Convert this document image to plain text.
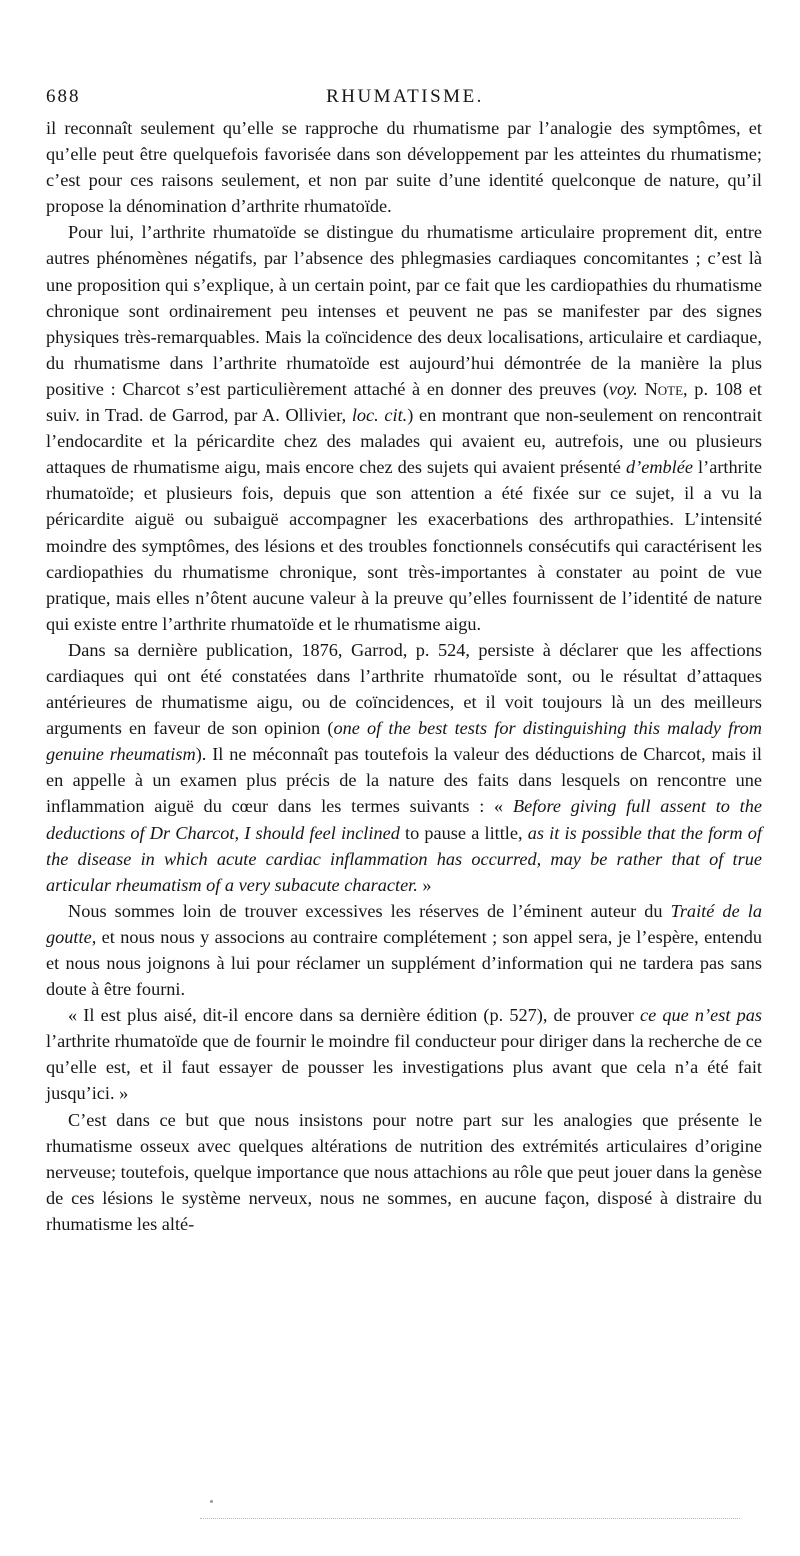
688	RHUMATISME.

il reconnaît seulement qu’elle se rapproche du rhumatisme par l’analogie des symptômes, et qu’elle peut être quelquefois favorisée dans son développement par les atteintes du rhumatisme; c’est pour ces raisons seulement, et non par suite d’une identité quelconque de nature, qu’il propose la dénomination d’arthrite rhumatoïde.

Pour lui, l’arthrite rhumatoïde se distingue du rhumatisme articulaire proprement dit, entre autres phénomènes négatifs, par l’absence des phlegmasies cardiaques concomitantes ; c’est là une proposition qui s’explique, à un certain point, par ce fait que les cardiopathies du rhumatisme chronique sont ordinairement peu intenses et peuvent ne pas se manifester par des signes physiques très-remarquables. Mais la coïncidence des deux localisations, articulaire et cardiaque, du rhumatisme dans l’arthrite rhumatoïde est aujourd’hui démontrée de la manière la plus positive : Charcot s’est particulièrement attaché à en donner des preuves (voy. Note, p. 108 et suiv. in Trad. de Garrod, par A. Ollivier, loc. cit.) en montrant que non-seulement on rencontrait l’endocardite et la péricardite chez des malades qui avaient eu, autrefois, une ou plusieurs attaques de rhumatisme aigu, mais encore chez des sujets qui avaient présenté d’emblée l’arthrite rhumatoïde; et plusieurs fois, depuis que son attention a été fixée sur ce sujet, il a vu la péricardite aiguë ou subaiguë accompagner les exacerbations des arthropathies. L’intensité moindre des symptômes, des lésions et des troubles fonctionnels consécutifs qui caractérisent les cardiopathies du rhumatisme chronique, sont très-importantes à constater au point de vue pratique, mais elles n’ôtent aucune valeur à la preuve qu’elles fournissent de l’identité de nature qui existe entre l’arthrite rhumatoïde et le rhumatisme aigu.

Dans sa dernière publication, 1876, Garrod, p. 524, persiste à déclarer que les affections cardiaques qui ont été constatées dans l’arthrite rhumatoïde sont, ou le résultat d’attaques antérieures de rhumatisme aigu, ou de coïncidences, et il voit toujours là un des meilleurs arguments en faveur de son opinion (one of the best tests for distinguishing this malady from genuine rheumatism). Il ne méconnaît pas toutefois la valeur des déductions de Charcot, mais il en appelle à un examen plus précis de la nature des faits dans lesquels on rencontre une inflammation aiguë du cœur dans les termes suivants : « Before giving full assent to the deductions of Dr Charcot, I should feel inclined to pause a little, as it is possible that the form of the disease in which acute cardiac inflammation has occurred, may be rather that of true articular rheumatism of a very subacute character. »

Nous sommes loin de trouver excessives les réserves de l’éminent auteur du Traité de la goutte, et nous nous y associons au contraire complétement ; son appel sera, je l’espère, entendu et nous nous joignons à lui pour réclamer un supplément d’information qui ne tardera pas sans doute à être fourni.

« Il est plus aisé, dit-il encore dans sa dernière édition (p. 527), de prouver ce que n’est pas l’arthrite rhumatoïde que de fournir le moindre fil conducteur pour diriger dans la recherche de ce qu’elle est, et il faut essayer de pousser les investigations plus avant que cela n’a été fait jusqu’ici. »

C’est dans ce but que nous insistons pour notre part sur les analogies que présente le rhumatisme osseux avec quelques altérations de nutrition des extrémités articulaires d’origine nerveuse; toutefois, quelque importance que nous attachions au rôle que peut jouer dans la genèse de ces lésions le système nerveux, nous ne sommes, en aucune façon, disposé à distraire du rhumatisme les alté-
